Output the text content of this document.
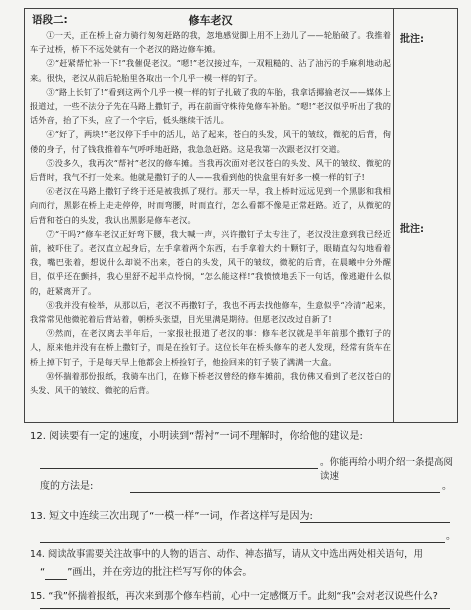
语段二:	修车老汉

①一天，正在桥上奋力骑行匆匆赶路的我，忽地感觉脚上用不上劲儿了——轮胎破了。我推着车子过桥，桥下不远处就有一个老汉的路边修车摊。

②“赶紧帮忙补一下!”我催促老汉。“嗯!”老汉接过车，一双粗糙的、沾了油污的手麻利地动起来。很快，老汉从前后轮胎里各取出一个几乎一模一样的钉子。

③“路上长钉了!”看到这两个几乎一模一样的钉子扎破了我的车胎，我拿话揶揄老汉——媒体上报道过，一些不法分子先在马路上撒钉子，再在前面守株待兔修车补胎。“嗯!”老汉似乎听出了我的话外音，抬了下头，应了一个字后，低头继续干活儿。

④“好了，两块!”老汉停下手中的活儿，站了起来，苍白的头发，风干的皱纹，微驼的后背，佝偻的身子，付了钱我推着车气呼呼地赶路，我急急赶路。这是我第一次跟老汉打交道。

⑤没多久，我再次“帮衬”老汉的修车摊。当我再次面对老汉苍白的头发、风干的皱纹、微驼的后背时，我气不打一处来。他就是撒钉子的人——我看到他的快盒里有好多一模一样的钉子!

⑥老汉在马路上撒钉子终于还是被我抓了现行。那天一早，我上桥时远远见到一个黑影和我相向而行，黑影在桥上走走停停，时而弯腰，时而直行，怎么看都不像是正常赶路。近了，从微驼的后背和苍白的头发，我认出黑影是修车老汉。

⑦“干吗?”修车老汉正好弯下腰，我大喊一声，兴许撒钉子太专注了，老汉没注意到我已经近前，被吓住了。老汉直立起身后，左手拿着两个东西，右手拿着大约十颗钉子，眼睛直勾勾地看着我，嘴巴张着，想说什么却说不出来，苍白的头发，风干的皱纹，微驼的后背，在晨曦中分外醒目，似乎还在颤抖，我心里舒不起半点怜悯，“怎么能这样!”我愤愤地丢下一句话，像逃避什么似的，赶紧离开了。

⑧我并没有检举，从那以后，老汉不再撒钉子，我也不再去找他修车，生意似乎“冷清”起来，我常常见他微驼着后背站着，朝桥头张望，目光里满是期待。但愿老汉改过自新了!

⑨然而，在老汉离去半年后，一家报社报道了老汉的事：修车老汉就是半年前那个撒钉子的人，原来他并没有在桥上撒钉子，而是在捡钉子。这位长年在桥头修车的老人发现，经常有货车在桥上掉下钉子，于是每天早上他都会上桥捡钉子，他捡回来的钉子装了满满一大盒。

⑩怀揣着那份报纸，我骑车出门，在修下桥老汉曾经的修车摊前，我仿佛又看到了老汉苍白的头发、风干的皱纹、微驼的后背。

批注:
批注:
12. 阅读要有一定的速度，小明读到“帮衬”一词不理解时，你给他的建议是:
。你能再给小明介绍一条提高阅读速
度的方法是:	。
13. 短文中连续三次出现了“一模一样”一词，作者这样写是因为:
。
14. 阅读故事需要关注故事中的人物的语言、动作、神态描写，请从文中选出两处相关语句，用
“ ”画出，并在旁边的批注栏写写你的体会。
15. “我”怀揣着报纸，再次来到那个修车档前，心中一定感慨万千。此刻“我”会对老汉说些什么?
